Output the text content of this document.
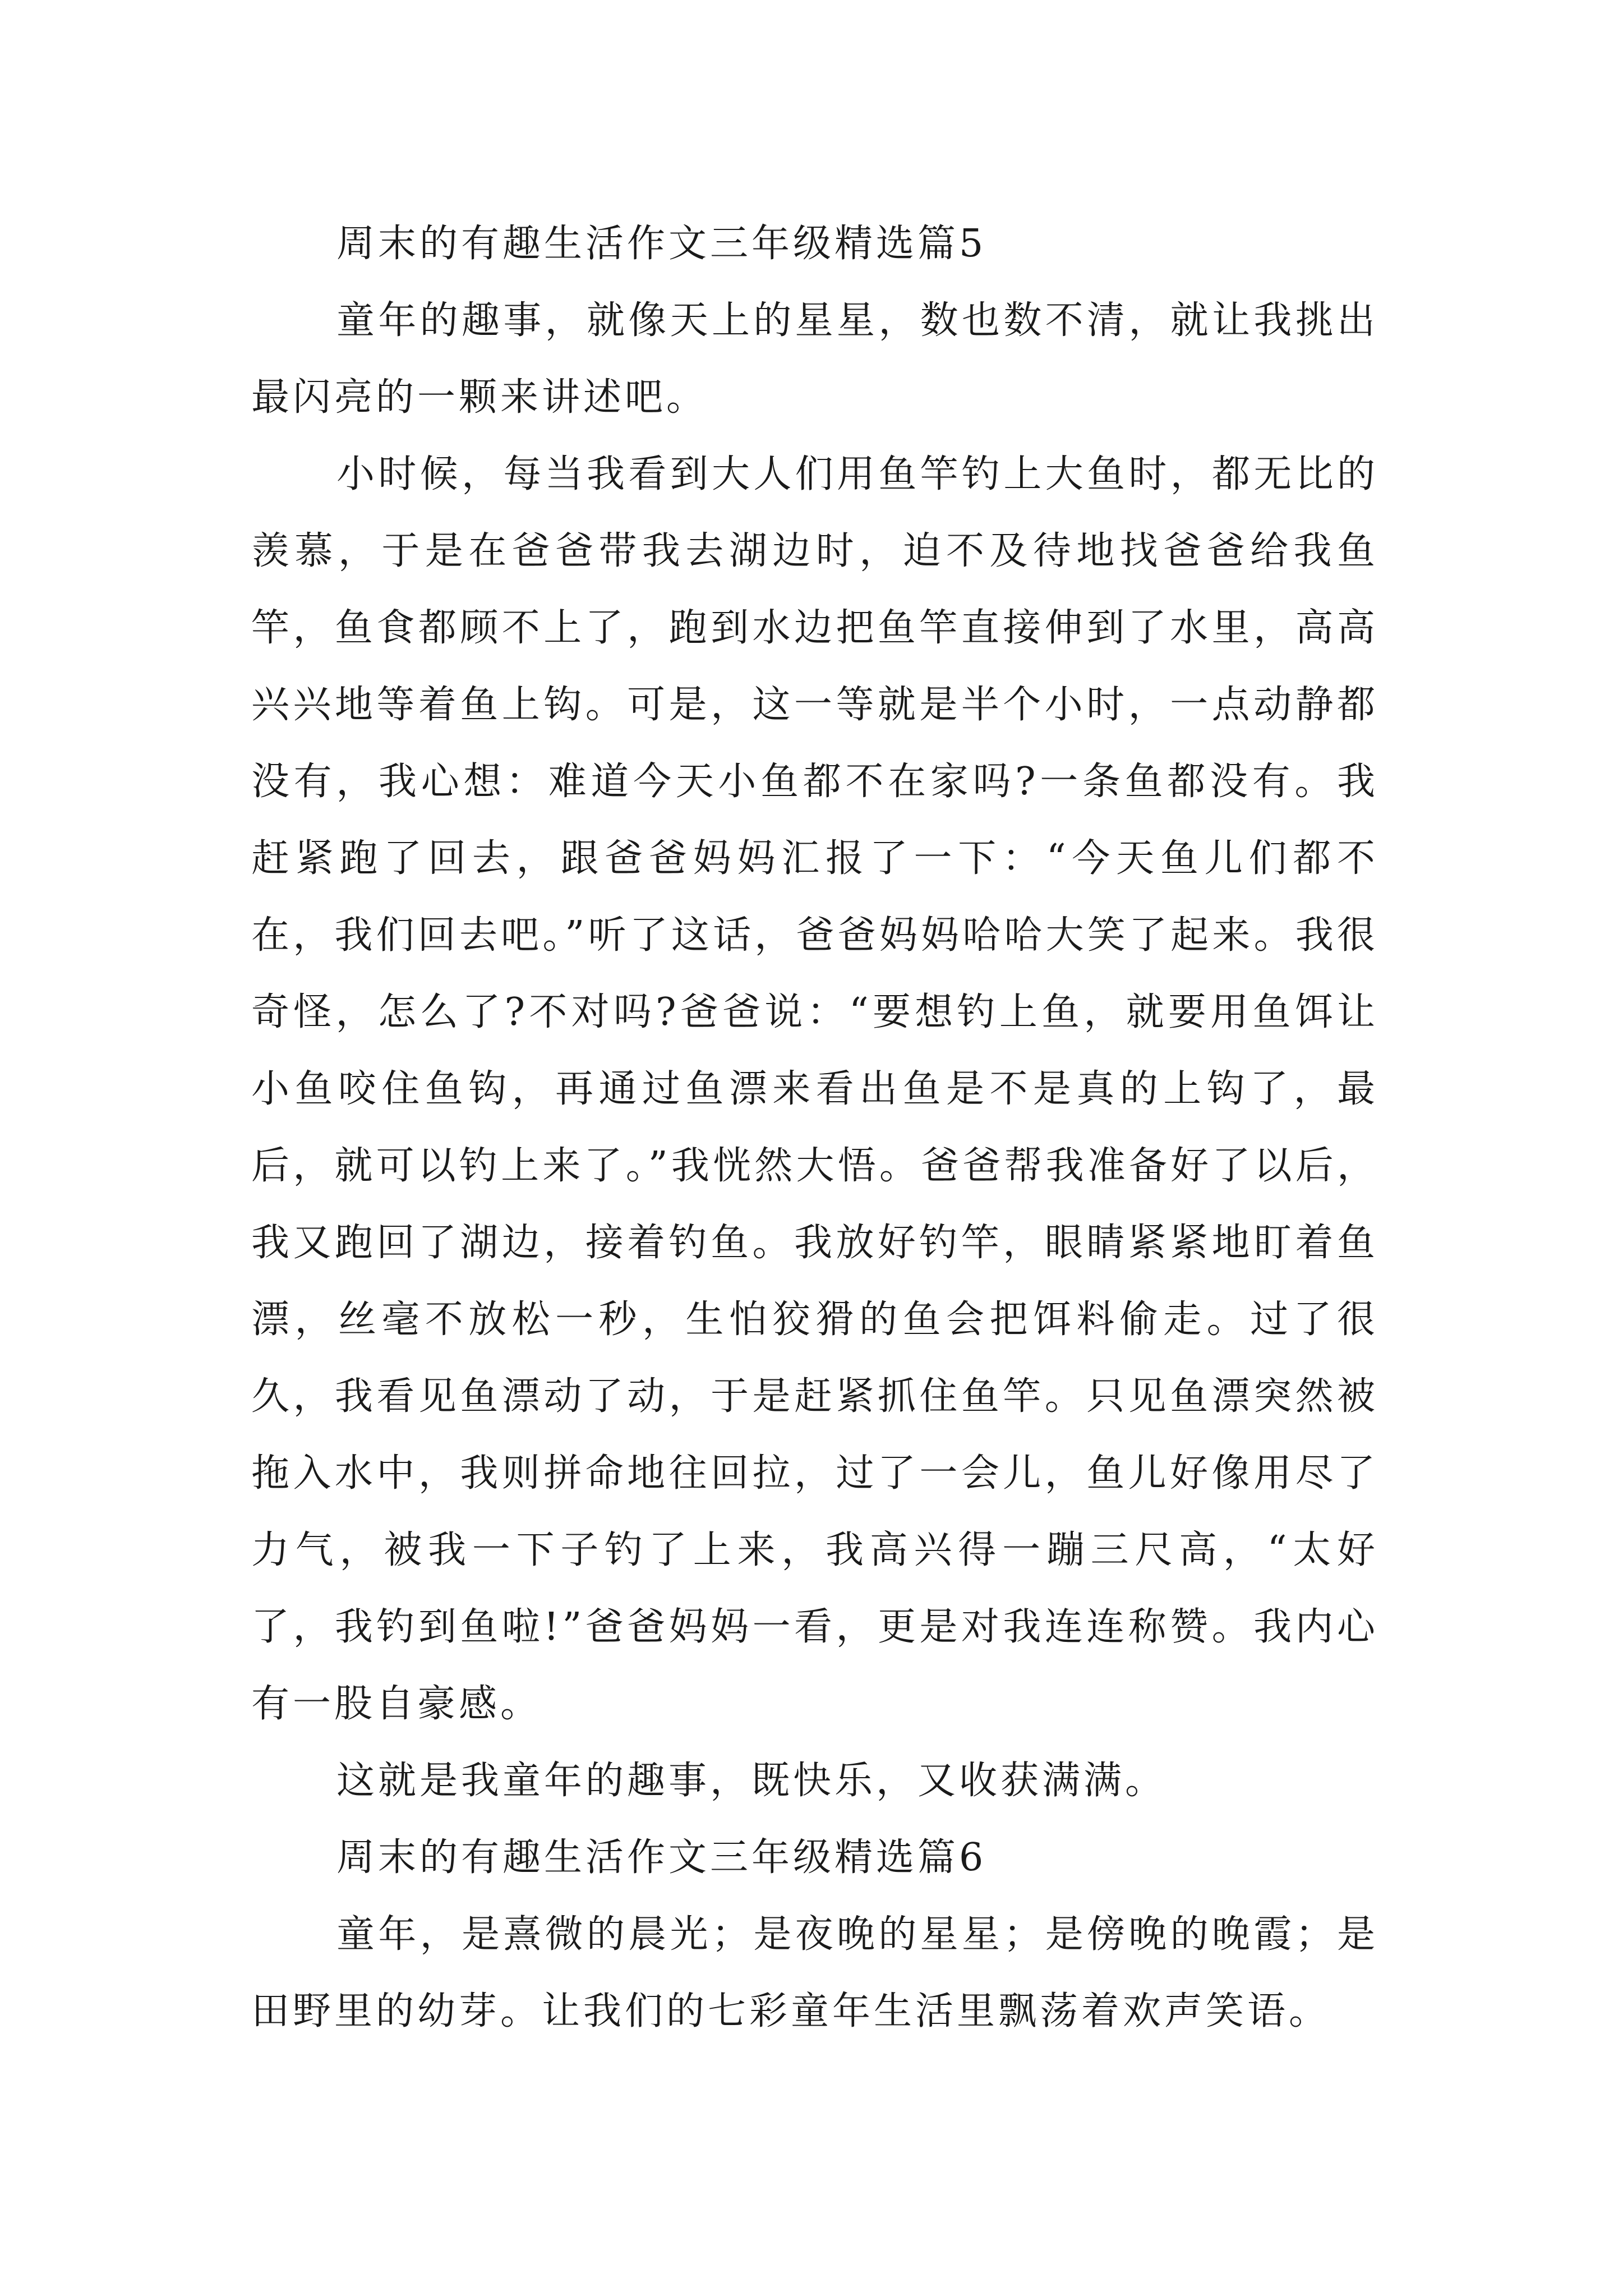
周末的有趣生活作文三年级精选篇5

童年的趣事，就像天上的星星，数也数不清，就让我挑出最闪亮的一颗来讲述吧。

小时候，每当我看到大人们用鱼竿钓上大鱼时，都无比的羡慕，于是在爸爸带我去湖边时，迫不及待地找爸爸给我鱼竿，鱼食都顾不上了，跑到水边把鱼竿直接伸到了水里，高高兴兴地等着鱼上钩。可是，这一等就是半个小时，一点动静都没有，我心想：难道今天小鱼都不在家吗?一条鱼都没有。我赶紧跑了回去，跟爸爸妈妈汇报了一下：“今天鱼儿们都不在，我们回去吧。”听了这话，爸爸妈妈哈哈大笑了起来。我很奇怪，怎么了?不对吗?爸爸说：“要想钓上鱼，就要用鱼饵让小鱼咬住鱼钩，再通过鱼漂来看出鱼是不是真的上钩了，最后，就可以钓上来了。”我恍然大悟。爸爸帮我准备好了以后，我又跑回了湖边，接着钓鱼。我放好钓竿，眼睛紧紧地盯着鱼漂，丝毫不放松一秒，生怕狡猾的鱼会把饵料偷走。过了很久，我看见鱼漂动了动，于是赶紧抓住鱼竿。只见鱼漂突然被拖入水中，我则拼命地往回拉，过了一会儿，鱼儿好像用尽了力气，被我一下子钓了上来，我高兴得一蹦三尺高，“太好了，我钓到鱼啦!”爸爸妈妈一看，更是对我连连称赞。我内心有一股自豪感。

这就是我童年的趣事，既快乐，又收获满满。

周末的有趣生活作文三年级精选篇6

童年，是熹微的晨光；是夜晚的星星；是傍晚的晚霞；是田野里的幼芽。让我们的七彩童年生活里飘荡着欢声笑语。
